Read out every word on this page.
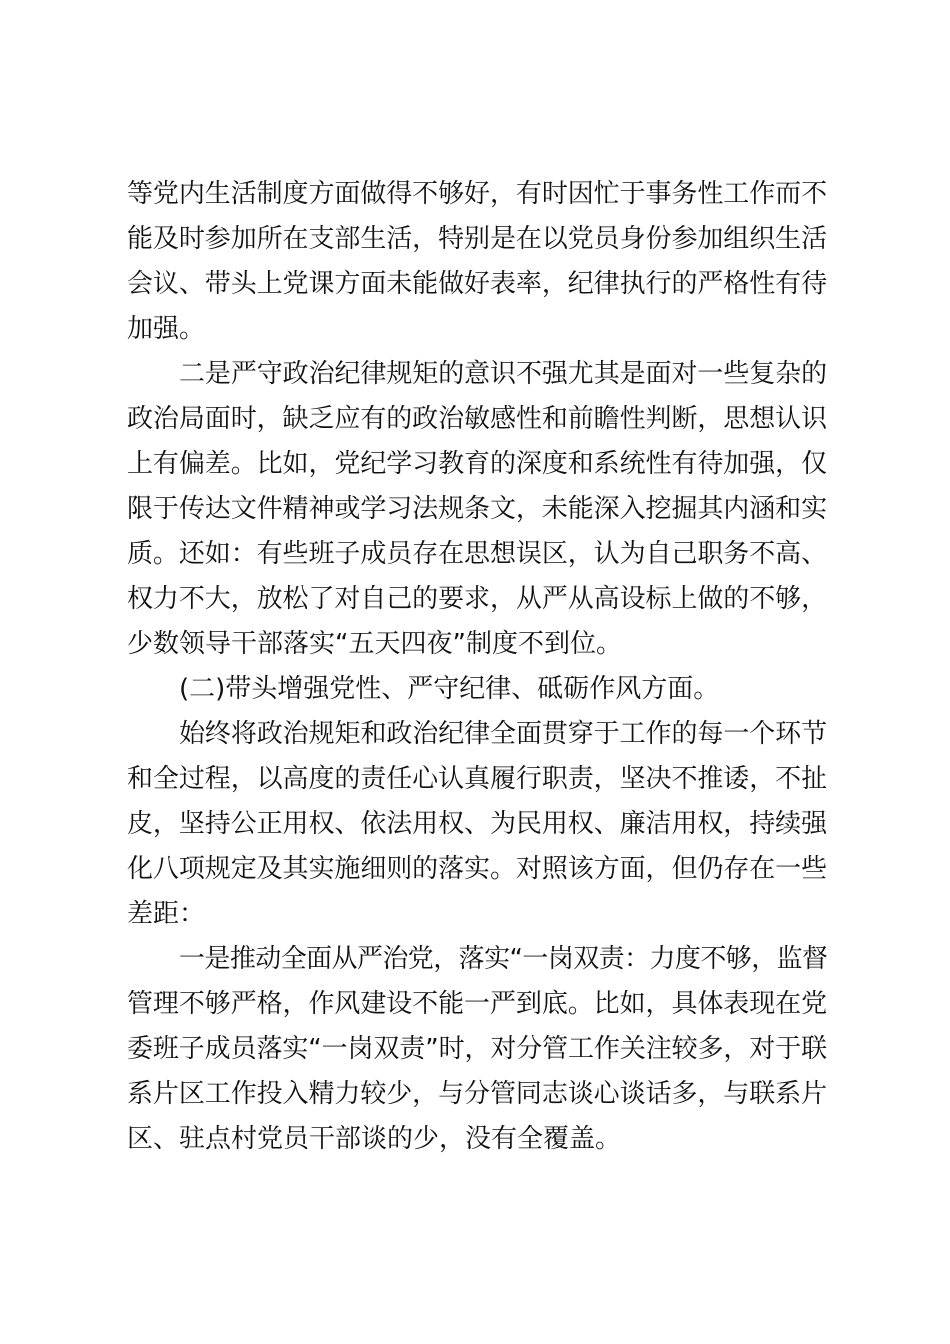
等党内生活制度方面做得不够好，有时因忙于事务性工作而不
能及时参加所在支部生活，特别是在以党员身份参加组织生活
会议、带头上党课方面未能做好表率，纪律执行的严格性有待
加强。
二是严守政治纪律规矩的意识不强尤其是面对一些复杂的
政治局面时，缺乏应有的政治敏感性和前瞻性判断，思想认识
上有偏差。比如，党纪学习教育的深度和系统性有待加强，仅
限于传达文件精神或学习法规条文，未能深入挖掘其内涵和实
质。还如：有些班子成员存在思想误区，认为自己职务不高、
权力不大，放松了对自己的要求，从严从高设标上做的不够，
少数领导干部落实“五天四夜”制度不到位。
(二)带头增强党性、严守纪律、砥砺作风方面。
始终将政治规矩和政治纪律全面贯穿于工作的每一个环节
和全过程，以高度的责任心认真履行职责，坚决不推诿，不扯
皮，坚持公正用权、依法用权、为民用权、廉洁用权，持续强
化八项规定及其实施细则的落实。对照该方面，但仍存在一些
差距：
一是推动全面从严治党，落实“一岗双责：力度不够，监督
管理不够严格，作风建设不能一严到底。比如，具体表现在党
委班子成员落实“一岗双责”时，对分管工作关注较多，对于联
系片区工作投入精力较少，与分管同志谈心谈话多，与联系片
区、驻点村党员干部谈的少，没有全覆盖。
